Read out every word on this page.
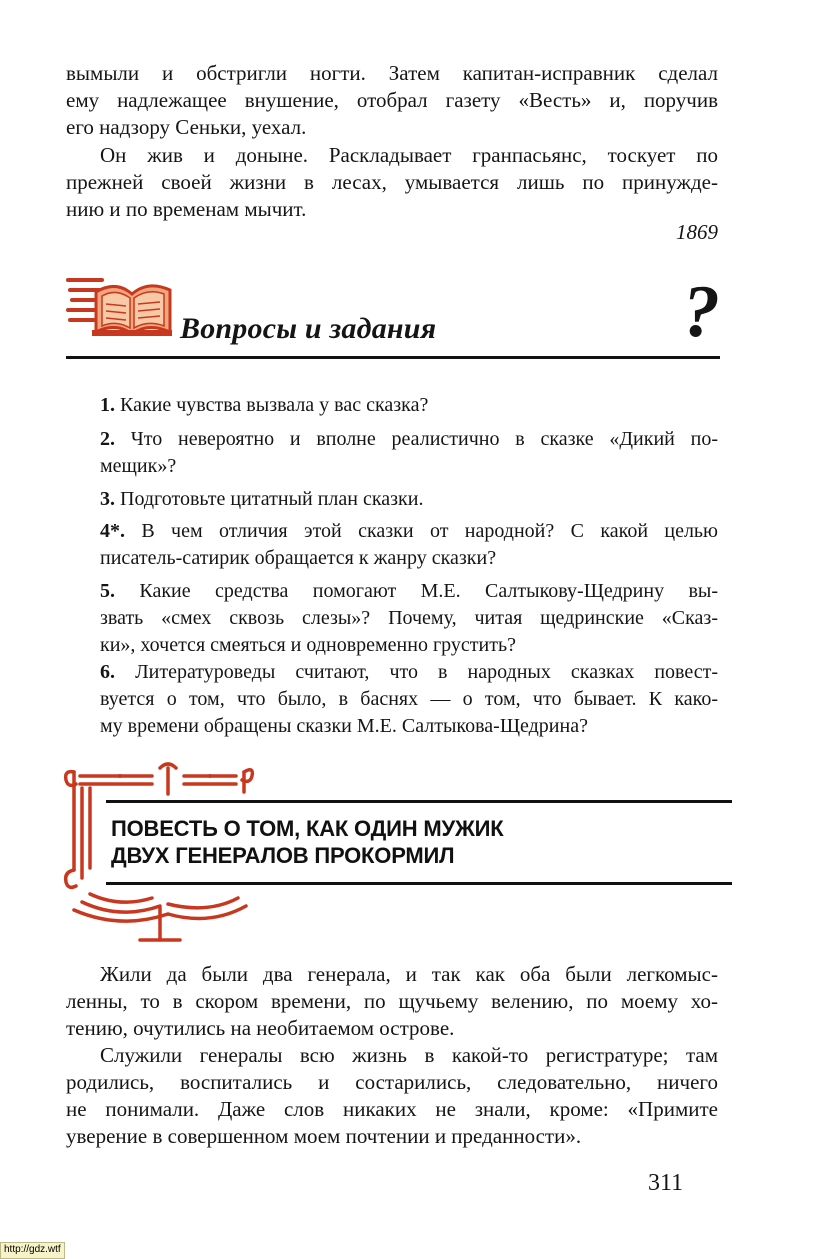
вымыли и обстригли ногти. Затем капитан-исправник сделал
ему надлежащее внушение, отобрал газету «Весть» и, поручив
его надзору Сеньки, уехал.
Он жив и доныне. Раскладывает гранпасьянс, тоскует по
прежней своей жизни в лесах, умывается лишь по принужде-
нию и по временам мычит.
1869
Вопросы и задания	?
1. Какие чувства вызвала у вас сказка?
2. Что невероятно и вполне реалистично в сказке «Дикий по-
мещик»?
3. Подготовьте цитатный план сказки.
4*. В чем отличия этой сказки от народной? С какой целью
писатель-сатирик обращается к жанру сказки?
5. Какие средства помогают М.Е. Салтыкову-Щедрину вы-
звать «смех сквозь слезы»? Почему, читая щедринские «Сказ-
ки», хочется смеяться и одновременно грустить?
6. Литературоведы считают, что в народных сказках повест-
вуется о том, что было, в баснях — о том, что бывает. К како-
му времени обращены сказки М.Е. Салтыкова-Щедрина?
ПОВЕСТЬ О ТОМ, КАК ОДИН МУЖИК
ДВУХ ГЕНЕРАЛОВ ПРОКОРМИЛ
Жили да были два генерала, и так как оба были легкомыс-
ленны, то в скором времени, по щучьему велению, по моему хо-
тению, очутились на необитаемом острове.
Служили генералы всю жизнь в какой-то регистратуре; там
родились, воспитались и состарились, следовательно, ничего
не понимали. Даже слов никаких не знали, кроме: «Примите
уверение в совершенном моем почтении и преданности».
311
http://gdz.wtf
